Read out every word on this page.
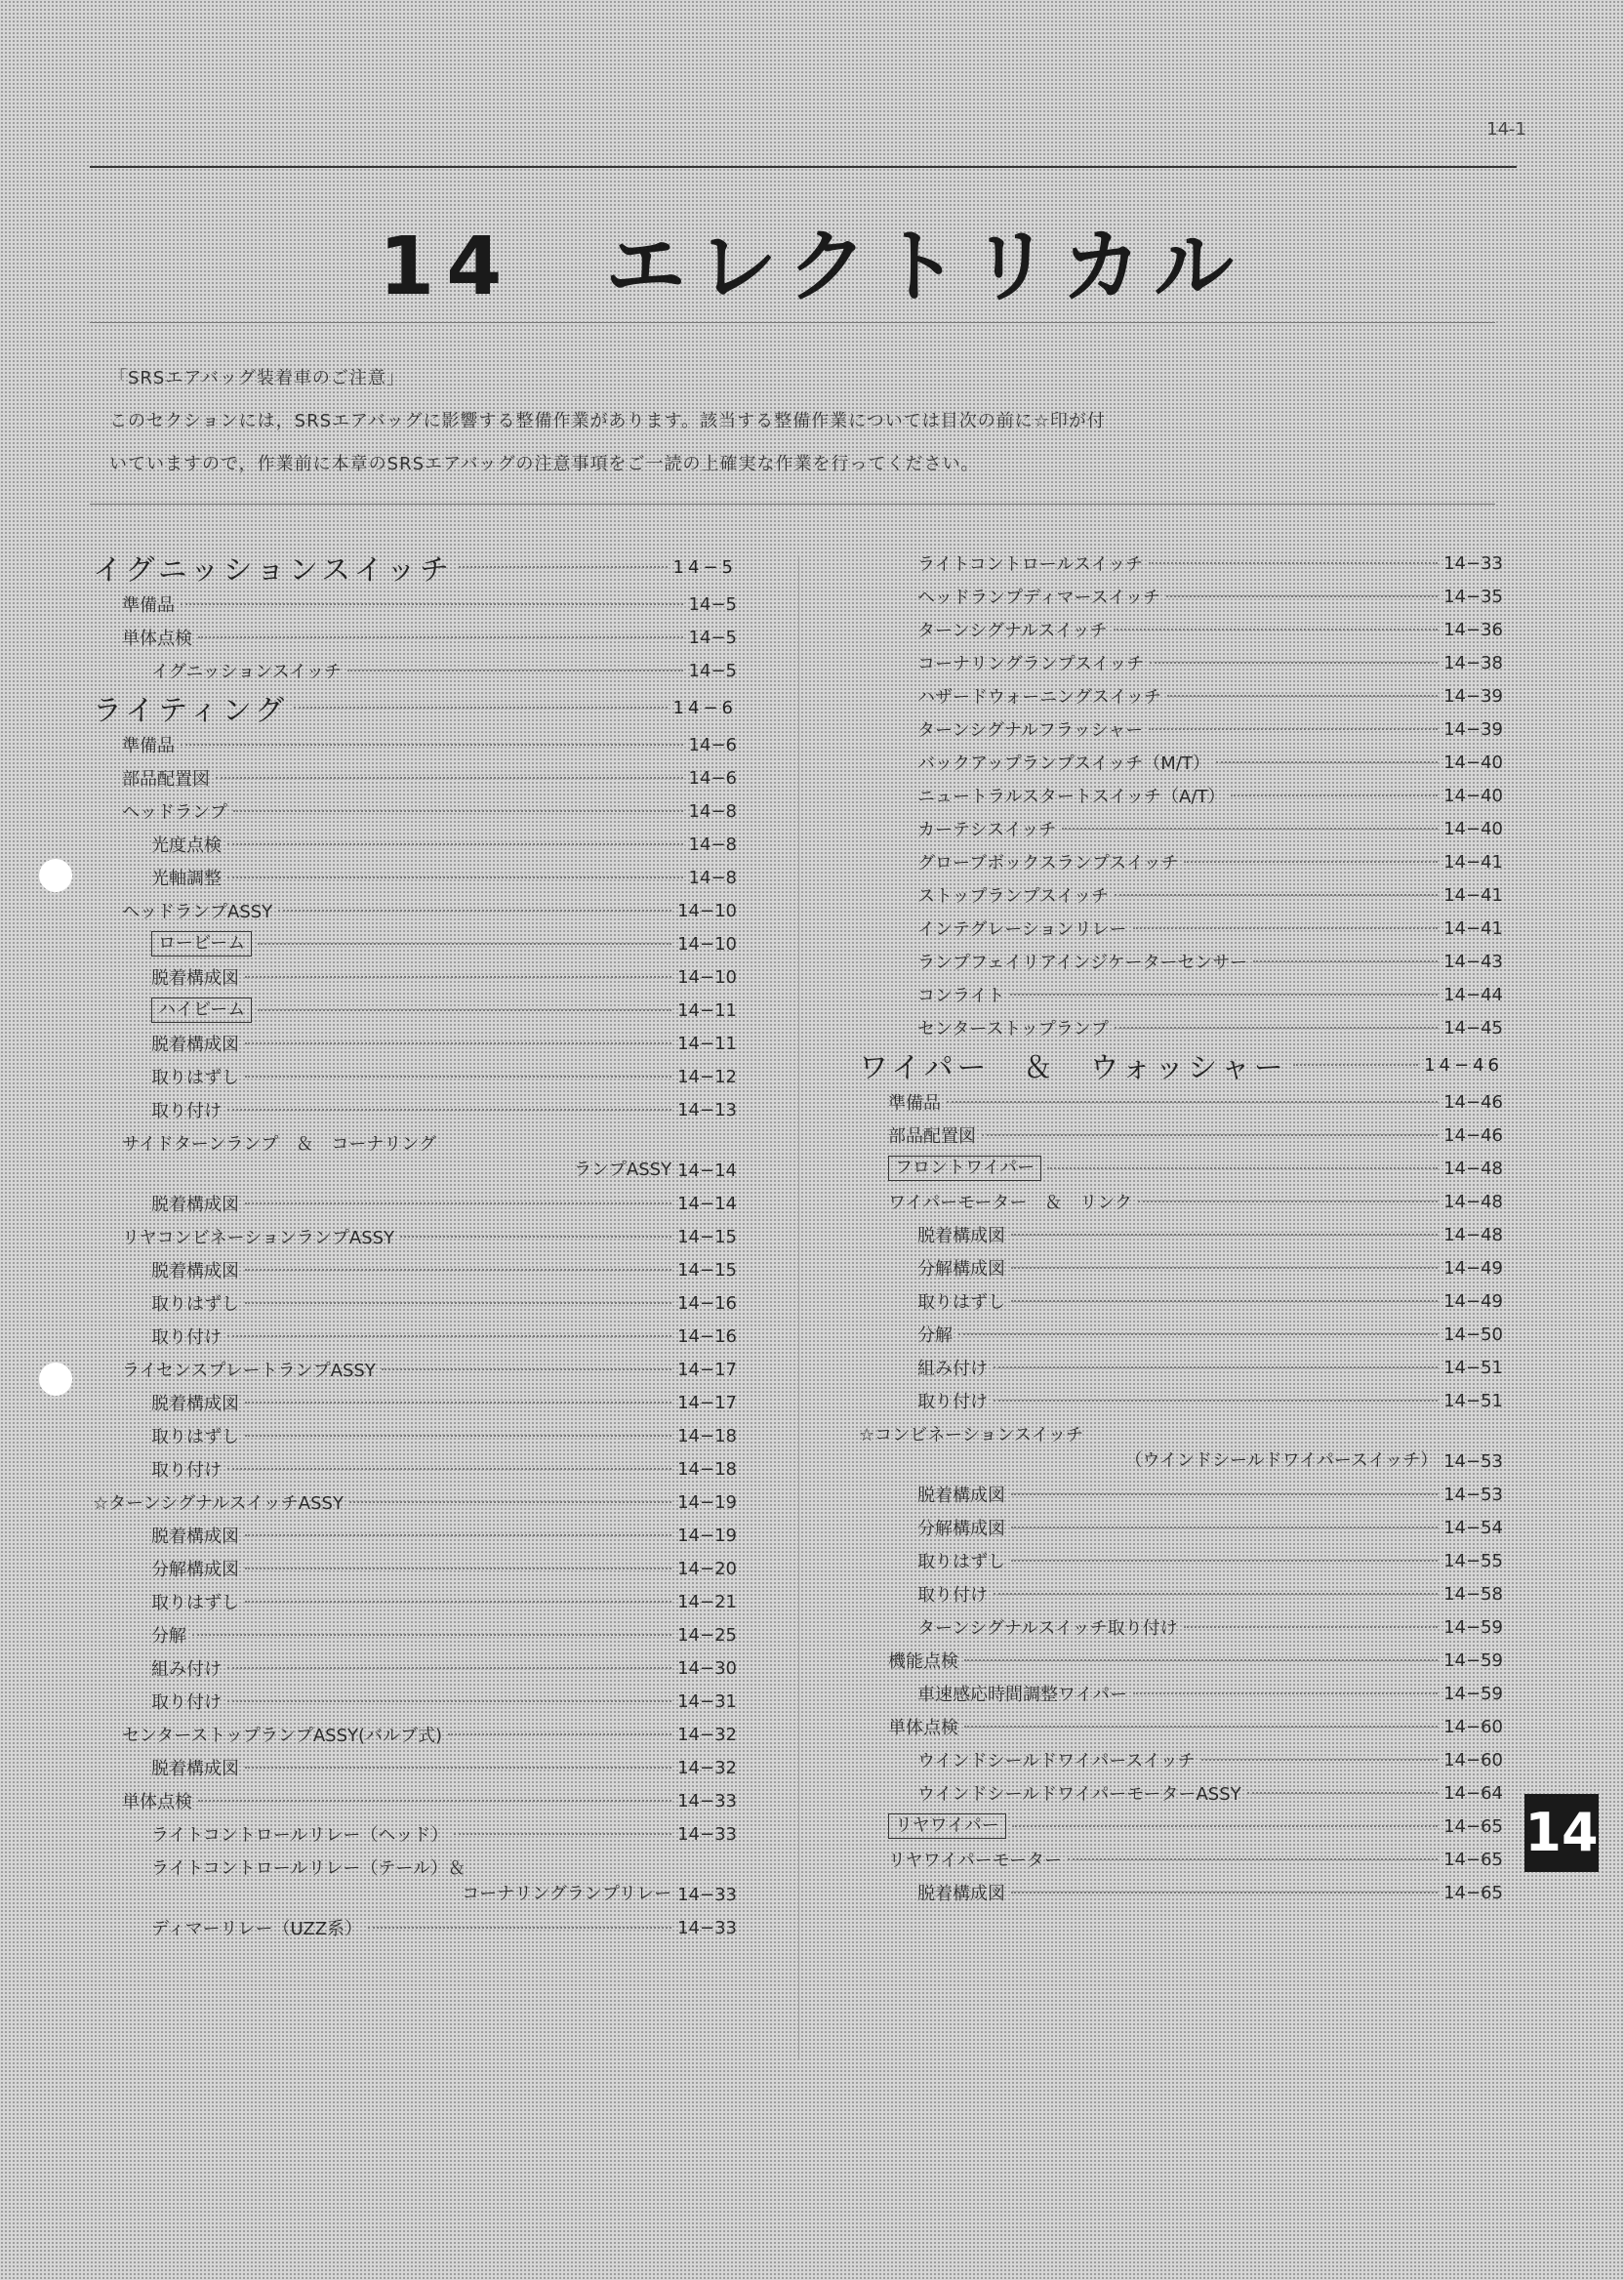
14-1
14　エレクトリカル
「SRSエアバッグ装着車のご注意」
このセクションには，SRSエアバッグに影響する整備作業があります。該当する整備作業については目次の前に☆印が付
いていますので，作業前に本章のSRSエアバッグの注意事項をご一読の上確実な作業を行ってください。
イグニッションスイッチ	14−5
準備品	14−5
単体点検	14−5
イグニッションスイッチ	14−5
ライティング	14−6
準備品	14−6
部品配置図	14−6
ヘッドランプ	14−8
光度点検	14−8
光軸調整	14−8
ヘッドランプASSY	14−10
ロービーム	14−10
脱着構成図	14−10
ハイビーム	14−11
脱着構成図	14−11
取りはずし	14−12
取り付け	14−13
サイドターンランプ　＆　コーナリング
ランプASSY 14−14
脱着構成図	14−14
リヤコンビネーションランプASSY	14−15
脱着構成図	14−15
取りはずし	14−16
取り付け	14−16
ライセンスプレートランプASSY	14−17
脱着構成図	14−17
取りはずし	14−18
取り付け	14−18
☆ターンシグナルスイッチASSY	14−19
脱着構成図	14−19
分解構成図	14−20
取りはずし	14−21
分解	14−25
組み付け	14−30
取り付け	14−31
センターストップランプASSY(バルブ式)	14−32
脱着構成図	14−32
単体点検	14−33
ライトコントロールリレー（ヘッド）	14−33
ライトコントロールリレー（テール）＆
コーナリングランプリレー 14−33
ディマーリレー（UZZ系）	14−33
ライトコントロールスイッチ	14−33
ヘッドランプディマースイッチ	14−35
ターンシグナルスイッチ	14−36
コーナリングランプスイッチ	14−38
ハザードウォーニングスイッチ	14−39
ターンシグナルフラッシャー	14−39
バックアップランプスイッチ（M/T）	14−40
ニュートラルスタートスイッチ（A/T）	14−40
カーテシスイッチ	14−40
グローブボックスランプスイッチ	14−41
ストップランプスイッチ	14−41
インテグレーションリレー	14−41
ランプフェイリアインジケーターセンサー	14−43
コンライト	14−44
センターストップランプ	14−45
ワイパー　＆　ウォッシャー	14−46
準備品	14−46
部品配置図	14−46
フロントワイパー	14−48
ワイパーモーター　＆　リンク	14−48
脱着構成図	14−48
分解構成図	14−49
取りはずし	14−49
分解	14−50
組み付け	14−51
取り付け	14−51
☆コンビネーションスイッチ
（ウインドシールドワイパースイッチ） 14−53
脱着構成図	14−53
分解構成図	14−54
取りはずし	14−55
取り付け	14−58
ターンシグナルスイッチ取り付け	14−59
機能点検	14−59
車速感応時間調整ワイパー	14−59
単体点検	14−60
ウインドシールドワイパースイッチ	14−60
ウインドシールドワイパーモーターASSY	14−64
リヤワイパー	14−65
リヤワイパーモーター	14−65
脱着構成図	14−65
14
